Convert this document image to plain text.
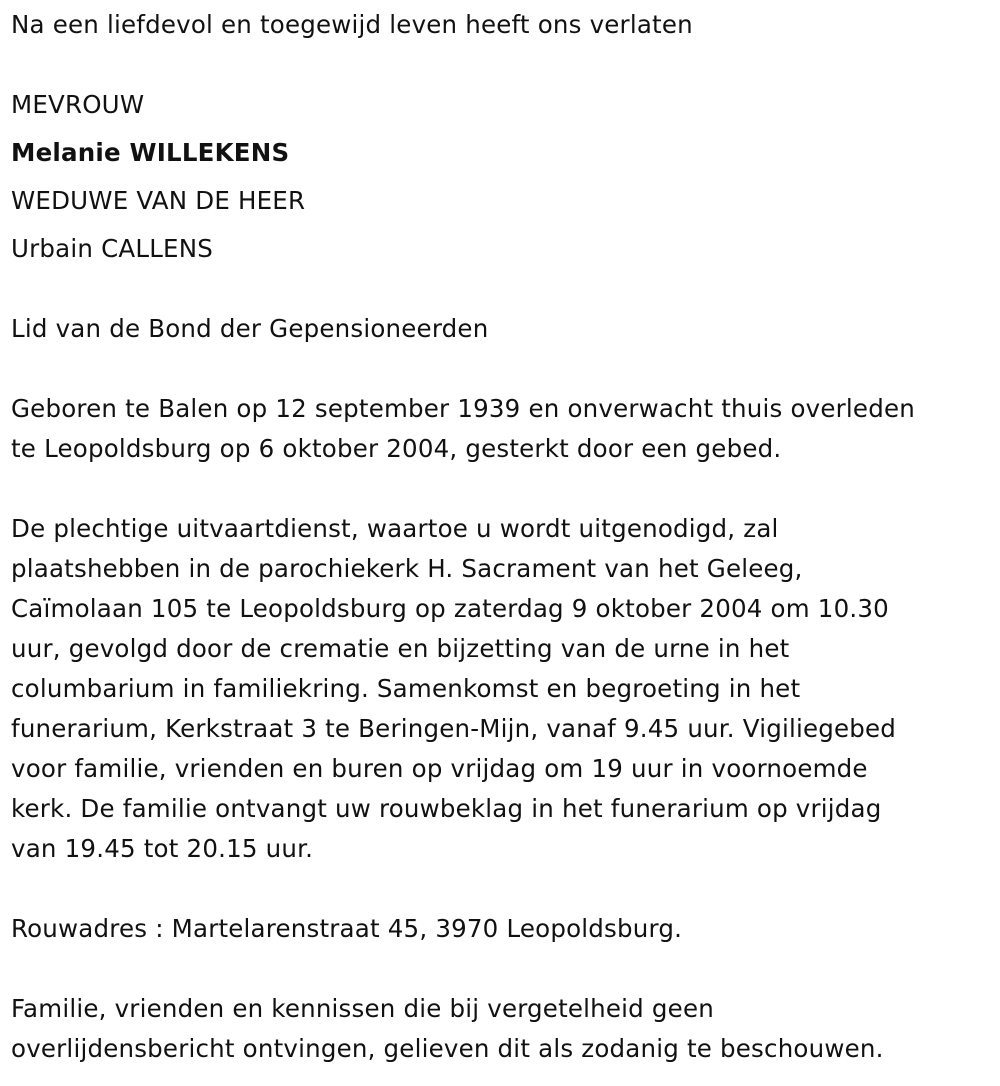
Na een liefdevol en toegewijd leven heeft ons verlaten
MEVROUW
Melanie WILLEKENS
WEDUWE VAN DE HEER
Urbain CALLENS
Lid van de Bond der Gepensioneerden
Geboren te Balen op 12 september 1939 en onverwacht thuis overleden
te Leopoldsburg op 6 oktober 2004, gesterkt door een gebed.
De plechtige uitvaartdienst, waartoe u wordt uitgenodigd, zal
plaatshebben in de parochiekerk H. Sacrament van het Geleeg,
Caïmolaan 105 te Leopoldsburg op zaterdag 9 oktober 2004 om 10.30
uur, gevolgd door de crematie en bijzetting van de urne in het
columbarium in familiekring. Samenkomst en begroeting in het
funerarium, Kerkstraat 3 te Beringen-Mijn, vanaf 9.45 uur. Vigiliegebed
voor familie, vrienden en buren op vrijdag om 19 uur in voornoemde
kerk. De familie ontvangt uw rouwbeklag in het funerarium op vrijdag
van 19.45 tot 20.15 uur.
Rouwadres : Martelarenstraat 45, 3970 Leopoldsburg.
Familie, vrienden en kennissen die bij vergetelheid geen
overlijdensbericht ontvingen, gelieven dit als zodanig te beschouwen.
